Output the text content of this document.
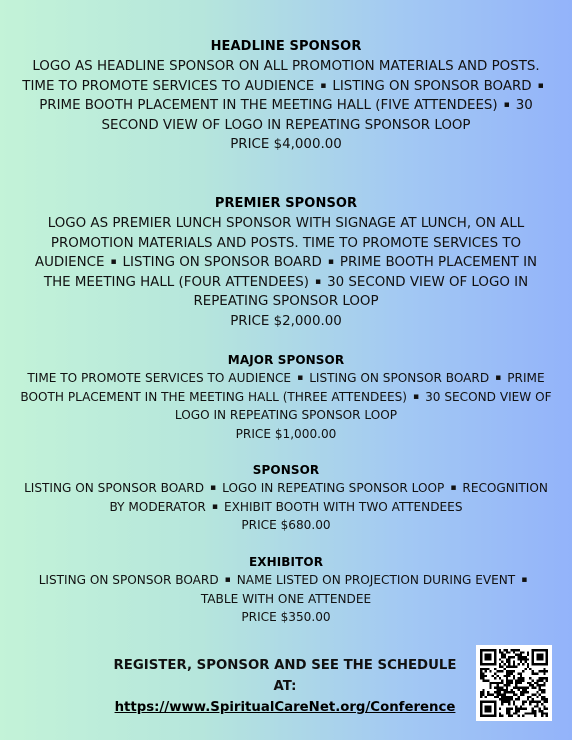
HEADLINE SPONSOR

LOGO AS HEADLINE SPONSOR ON ALL PROMOTION MATERIALS AND POSTS. TIME TO PROMOTE SERVICES TO AUDIENCE ▪ LISTING ON SPONSOR BOARD ▪PRIME BOOTH PLACEMENT IN THE MEETING HALL (FIVE ATTENDEES) ▪ 30 SECOND VIEW OF LOGO IN REPEATING SPONSOR LOOP

PRICE $4,000.00

PREMIER SPONSOR

LOGO AS PREMIER LUNCH SPONSOR WITH SIGNAGE AT LUNCH, ON ALL PROMOTION MATERIALS AND POSTS. TIME TO PROMOTE SERVICES TO AUDIENCE ▪ LISTING ON SPONSOR BOARD ▪ PRIME BOOTH PLACEMENT IN THE MEETING HALL (FOUR ATTENDEES) ▪ 30 SECOND VIEW OF LOGO IN REPEATING SPONSOR LOOP

PRICE $2,000.00

MAJOR SPONSOR

TIME TO PROMOTE SERVICES TO AUDIENCE ▪ LISTING ON SPONSOR BOARD ▪ PRIME BOOTH PLACEMENT IN THE MEETING HALL (THREE ATTENDEES) ▪ 30 SECOND VIEW OF LOGO IN REPEATING SPONSOR LOOP

PRICE $1,000.00

SPONSOR

LISTING ON SPONSOR BOARD ▪ LOGO IN REPEATING SPONSOR LOOP ▪ RECOGNITION BY MODERATOR ▪ EXHIBIT BOOTH WITH TWO ATTENDEES

PRICE $680.00

EXHIBITOR

LISTING ON SPONSOR BOARD ▪ NAME LISTED ON PROJECTION DURING EVENT ▪TABLE WITH ONE ATTENDEE

PRICE $350.00

REGISTER, SPONSOR AND SEE THE SCHEDULE AT:
https://www.SpiritualCareNet.org/Conference
